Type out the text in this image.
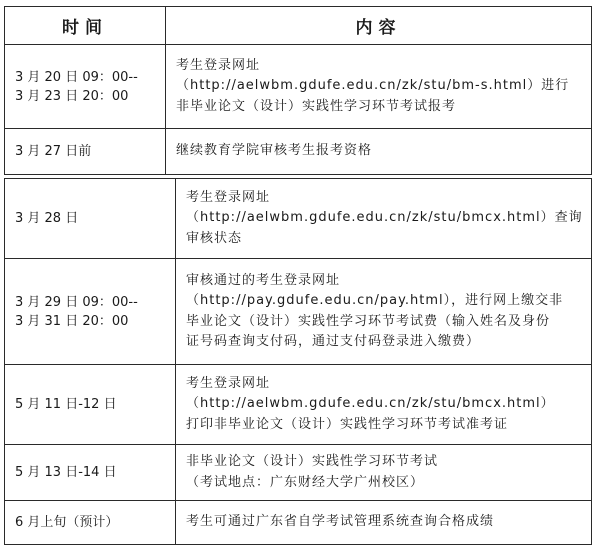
时间	内容

3 月 20 日 09：00--
3 月 23 日 20：00	考生登录网址
（http://aelwbm.gdufe.edu.cn/zk/stu/bm-s.html）进行
非毕业论文（设计）实践性学习环节考试报考

3 月 27 日前	继续教育学院审核考生报考资格
3 月 28 日	考生登录网址
（http://aelwbm.gdufe.edu.cn/zk/stu/bmcx.html）查询
审核状态

3 月 29 日 09：00--
3 月 31 日 20：00	审核通过的考生登录网址
（http://pay.gdufe.edu.cn/pay.html），进行网上缴交非
毕业论文（设计）实践性学习环节考试费（输入姓名及身份
证号码查询支付码，通过支付码登录进入缴费）

5 月 11 日-12 日	考生登录网址
（http://aelwbm.gdufe.edu.cn/zk/stu/bmcx.html）
打印非毕业论文（设计）实践性学习环节考试准考证

5 月 13 日-14 日	非毕业论文（设计）实践性学习环节考试
（考试地点：广东财经大学广州校区）

6 月上旬（预计）	考生可通过广东省自学考试管理系统查询合格成绩
